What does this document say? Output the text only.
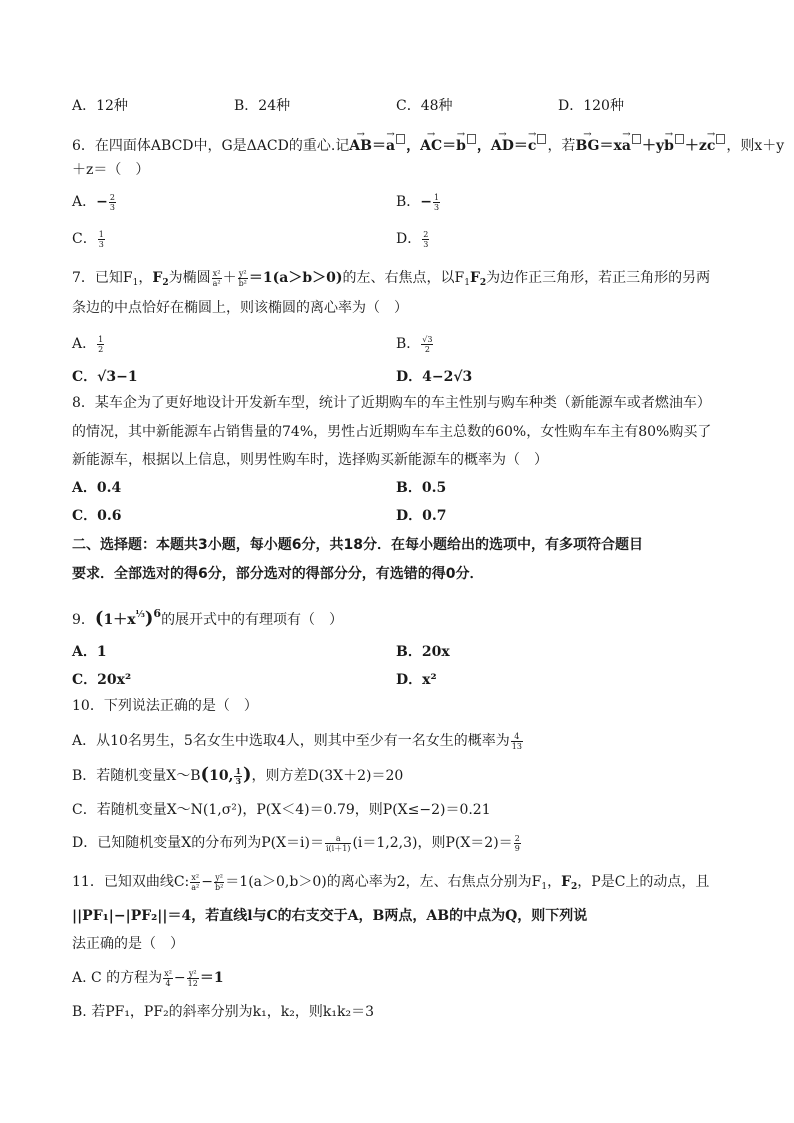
A．12种	B．24种	C．48种	D．120种
6．在四面体ABCD中，G是ΔACD的重心.记→ AB＝→ a ，→ AC＝→ b ，→ AD＝→ c ，若→ BG＝x→ a ＋y→ b ＋z→ c ，则x＋y
＋z＝（　）
A．− $\frac{2}{3}$	B．− $\frac{1}{3}$
C． $\frac{1}{3}$	D． $\frac{2}{3}$
7．已知$F_1$，$F_2$为椭圆 $\frac{\text{x²}}{\text{a²}} + \frac{\text{y²}}{\text{b²}} =1(a>b>0)$的左、右焦点，以$F_1F_2$为边作正三角形，若正三角形的另两
条边的中点恰好在椭圆上，则该椭圆的离心率为（　）
A． $\frac{1}{2}$	B． $\frac{√3}{2}$
C．√3−1	D．4−2√3
8．某车企为了更好地设计开发新车型，统计了近期购车的车主性别与购车种类（新能源车或者燃油车）
的情况，其中新能源车占销售量的74%，男性占近期购车车主总数的60%，女性购车车主有80%购买了
新能源车，根据以上信息，则男性购车时，选择购买新能源车的概率为（　）
A．0.4	B．0.5
C．0.6	D．0.7
二、选择题：本题共3小题，每小题6分，共18分．在每小题给出的选项中，有多项符合题目
要求．全部选对的得6分，部分选对的得部分分，有选错的得0分．
9．$(1+x^{\frac{1}{3}})^6$的展开式中的有理项有（　）
A．1	B．20x
C．20x²	D．x²
10．下列说法正确的是（　）
A．从10名男生，5名女生中选取4人，则其中至少有一名女生的概率为 $\frac{4}{13}$
B．若随机变量X～B(10, $\frac{1}{3}$ )，则方差D(3X＋2)＝20
C．若随机变量X～N(1,σ²)，P(X＜4)＝0.79，则P(X≤−2)＝0.21
D．已知随机变量X的分布列为$P(X=i)= \frac{a}{i(i+1)} (i=1,2,3)$，则$P(X=2)= \frac{2}{9}$
11．已知双曲线C: $\frac{\text{x²}}{\text{a²}} - \frac{\text{y²}}{\text{b²}} =1(a>0,b>0)$的离心率为2，左、右焦点分别为$F_1$，$F_2$，P是C上的动点，且
||PF₁|−|PF₂||＝4，若直线l与C的右支交于A，B两点，AB的中点为Q，则下列说
法正确的是（　）
A. C 的方程为 $\frac{\text{x²}}{4} - \frac{\text{y²}}{12} =1$
B. 若PF₁，PF₂的斜率分别为k₁，k₂，则k₁k₂＝3
